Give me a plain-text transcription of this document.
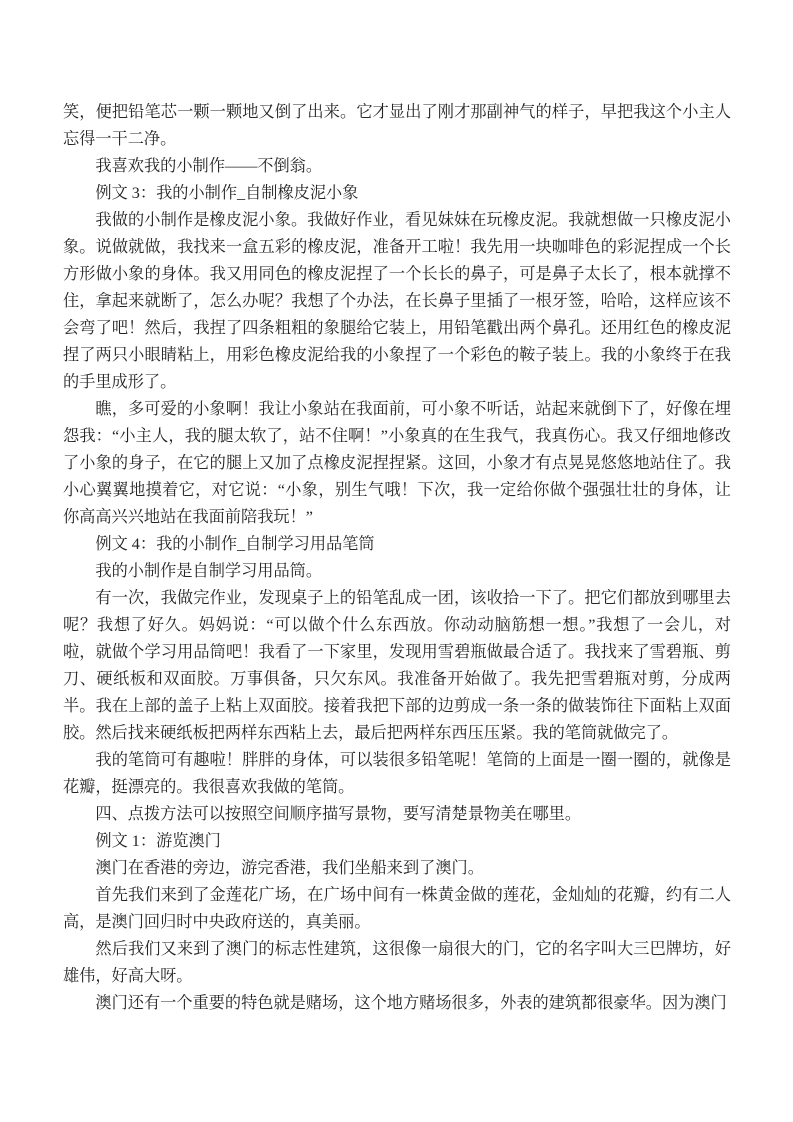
笑，便把铅笔芯一颗一颗地又倒了出来。它才显出了刚才那副神气的样子，早把我这个小主人忘得一干二净。

我喜欢我的小制作——不倒翁。

例文 3：我的小制作_自制橡皮泥小象

我做的小制作是橡皮泥小象。我做好作业，看见妹妹在玩橡皮泥。我就想做一只橡皮泥小象。说做就做，我找来一盒五彩的橡皮泥，准备开工啦！我先用一块咖啡色的彩泥捏成一个长方形做小象的身体。我又用同色的橡皮泥捏了一个长长的鼻子，可是鼻子太长了，根本就撑不住，拿起来就断了，怎么办呢？我想了个办法，在长鼻子里插了一根牙签，哈哈，这样应该不会弯了吧！然后，我捏了四条粗粗的象腿给它装上，用铅笔戳出两个鼻孔。还用红色的橡皮泥捏了两只小眼睛粘上，用彩色橡皮泥给我的小象捏了一个彩色的鞍子装上。我的小象终于在我的手里成形了。

瞧，多可爱的小象啊！我让小象站在我面前，可小象不听话，站起来就倒下了，好像在埋怨我：“小主人，我的腿太软了，站不住啊！”小象真的在生我气，我真伤心。我又仔细地修改了小象的身子，在它的腿上又加了点橡皮泥捏捏紧。这回，小象才有点晃晃悠悠地站住了。我小心翼翼地摸着它，对它说：“小象，别生气哦！下次，我一定给你做个强强壮壮的身体，让你高高兴兴地站在我面前陪我玩！”

例文 4：我的小制作_自制学习用品笔筒

我的小制作是自制学习用品筒。

有一次，我做完作业，发现桌子上的铅笔乱成一团，该收拾一下了。把它们都放到哪里去呢？我想了好久。妈妈说：“可以做个什么东西放。你动动脑筋想一想。”我想了一会儿，对啦，就做个学习用品筒吧！我看了一下家里，发现用雪碧瓶做最合适了。我找来了雪碧瓶、剪刀、硬纸板和双面胶。万事俱备，只欠东风。我准备开始做了。我先把雪碧瓶对剪，分成两半。我在上部的盖子上粘上双面胶。接着我把下部的边剪成一条一条的做装饰往下面粘上双面胶。然后找来硬纸板把两样东西粘上去，最后把两样东西压压紧。我的笔筒就做完了。

我的笔筒可有趣啦！胖胖的身体，可以装很多铅笔呢！笔筒的上面是一圈一圈的，就像是花瓣，挺漂亮的。我很喜欢我做的笔筒。

四、点拨方法可以按照空间顺序描写景物，要写清楚景物美在哪里。

例文 1：游览澳门

澳门在香港的旁边，游完香港，我们坐船来到了澳门。

首先我们来到了金莲花广场，在广场中间有一株黄金做的莲花，金灿灿的花瓣，约有二人高，是澳门回归时中央政府送的，真美丽。

然后我们又来到了澳门的标志性建筑，这很像一扇很大的门，它的名字叫大三巴牌坊，好雄伟，好高大呀。

澳门还有一个重要的特色就是赌场，这个地方赌场很多，外表的建筑都很豪华。因为澳门
